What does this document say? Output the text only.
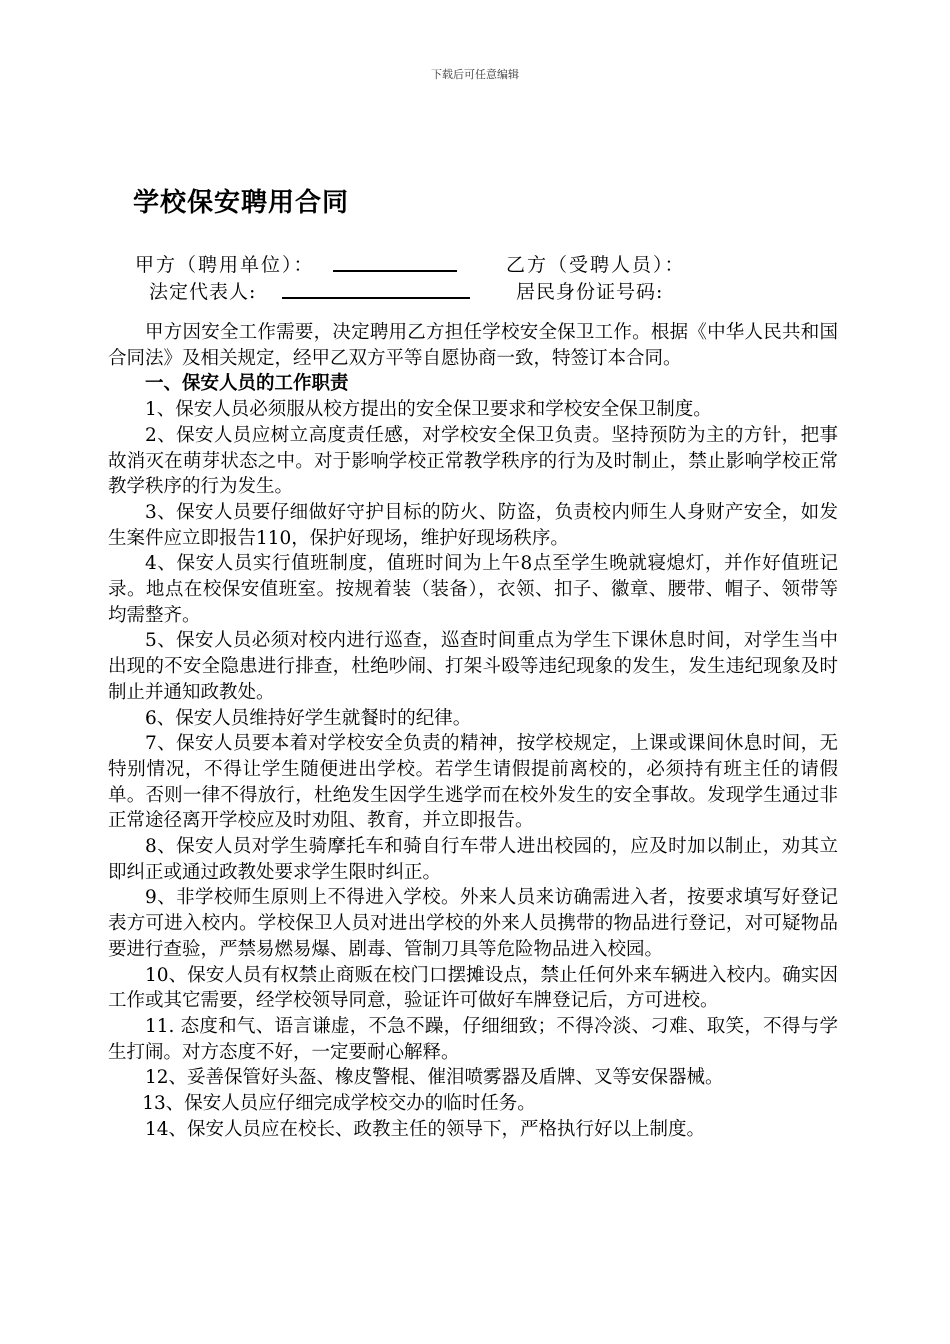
下载后可任意编辑
学校保安聘用合同
甲方（聘用单位）：	乙方（受聘人员）：
法定代表人:	居民身份证号码:

甲方因安全工作需要，决定聘用乙方担任学校安全保卫工作。根据《中华人民共和国合同法》及相关规定，经甲乙双方平等自愿协商一致，特签订本合同。

一、保安人员的工作职责

1、保安人员必须服从校方提出的安全保卫要求和学校安全保卫制度。

2、保安人员应树立高度责任感，对学校安全保卫负责。坚持预防为主的方针，把事故消灭在萌芽状态之中。对于影响学校正常教学秩序的行为及时制止，禁止影响学校正常教学秩序的行为发生。

3、保安人员要仔细做好守护目标的防火、防盗，负责校内师生人身财产安全，如发生案件应立即报告110，保护好现场，维护好现场秩序。

4、保安人员实行值班制度，值班时间为上午8点至学生晚就寝熄灯，并作好值班记录。地点在校保安值班室。按规着装（装备），衣领、扣子、徽章、腰带、帽子、领带等均需整齐。

5、保安人员必须对校内进行巡查，巡查时间重点为学生下课休息时间，对学生当中出现的不安全隐患进行排查，杜绝吵闹、打架斗殴等违纪现象的发生，发生违纪现象及时制止并通知政教处。

6、保安人员维持好学生就餐时的纪律。

7、保安人员要本着对学校安全负责的精神，按学校规定，上课或课间休息时间，无特别情况，不得让学生随便进出学校。若学生请假提前离校的，必须持有班主任的请假单。否则一律不得放行，杜绝发生因学生逃学而在校外发生的安全事故。发现学生通过非正常途径离开学校应及时劝阻、教育，并立即报告。

8、保安人员对学生骑摩托车和骑自行车带人进出校园的，应及时加以制止，劝其立即纠正或通过政教处要求学生限时纠正。

9、非学校师生原则上不得进入学校。外来人员来访确需进入者，按要求填写好登记表方可进入校内。学校保卫人员对进出学校的外来人员携带的物品进行登记，对可疑物品要进行查验，严禁易燃易爆、剧毒、管制刀具等危险物品进入校园。

10、保安人员有权禁止商贩在校门口摆摊设点，禁止任何外来车辆进入校内。确实因工作或其它需要，经学校领导同意，验证许可做好车牌登记后，方可进校。

11. 态度和气、语言谦虚，不急不躁，仔细细致；不得冷淡、刁难、取笑，不得与学生打闹。对方态度不好，一定要耐心解释。

12、妥善保管好头盔、橡皮警棍、催泪喷雾器及盾牌、叉等安保器械。

13、保安人员应仔细完成学校交办的临时任务。

14、保安人员应在校长、政教主任的领导下，严格执行好以上制度。
